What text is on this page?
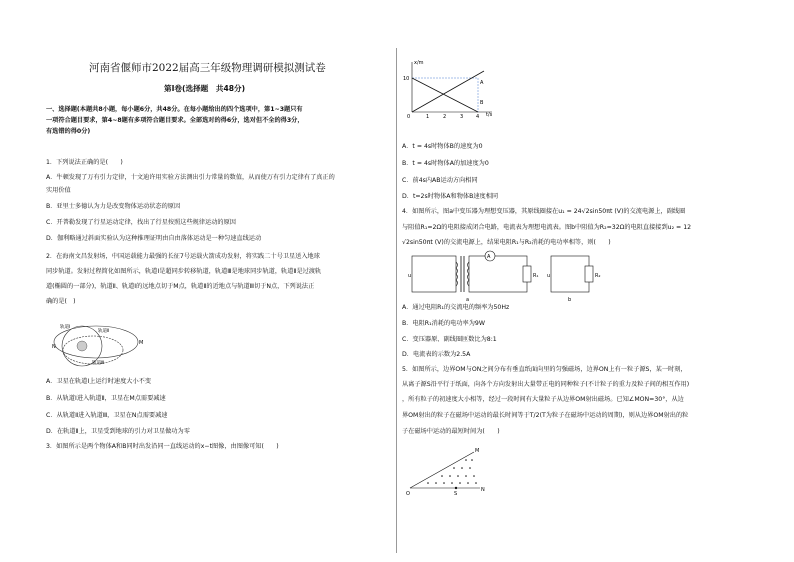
河南省偃师市2022届高三年级物理调研模拟测试卷
第Ⅰ卷(选择题　共48分)
一、选择题(本题共8小题，每小题6分，共48分。在每小题给出的四个选项中，第1~3题只有
一项符合题目要求，第4~8题有多项符合题目要求。全部选对的得6分，选对但不全的得3分，
有选错的得0分)
1．下列说法正确的是(　　)
A．牛顿发现了万有引力定律，十文迪许用实验方法测出引力常量的数值，从而使万有引力定律有了真正的
实用价值
B．亚里士多德认为力是改变物体运动状态的原因
C．开普勒发现了行星运动定律，找出了行星按照这些规律运动的原因
D．伽利略通过斜面实验认为这种推理证明由自由落体运动是一种匀速直线运动
2．在海南文昌发射场，中国运载能力最强的长征7号运载火箭成功发射，将实践二十号卫星送入地球
同步轨道。发射过程简化如图所示，轨道Ⅰ是超同步转移轨道，轨道Ⅲ是地球同步轨道，轨道Ⅱ是过渡轨
道(椭圆的一部分)，轨道Ⅱ、轨道Ⅰ的远地点切于M点，轨道Ⅱ的近地点与轨道Ⅲ切于N点，下列说法正
确的是(　)
轨道Ⅰ
轨道Ⅱ
轨道Ⅲ
M
N
A．卫星在轨道Ⅰ上运行时速度大小不变
B．从轨道Ⅰ进入轨道Ⅱ，卫星在M点需要减速
C．从轨道Ⅱ进入轨道Ⅲ，卫星在N点需要减速
D．在轨道Ⅱ上，卫星受到地球的引力对卫星做功为零
3．如图所示是两个物体A和B同时出发沿同一直线运动的x−t图像，由图像可知(　　)
x/m
10
0	1	2	3	4 t/s
A
B
A．t = 4s时物体B的速度为0
B．t = 4s时物体A的加速度为0
C．前4s内AB运动方向相同
D．t=2s时物体A和物体B速度相同
4．如图所示，图a中变压器为理想变压器，其原线圈接在u₁ = 24√2sin50πt (V)的交流电源上，副线圈
与阻值R₁=2Ω的电阻接成闭合电路，电流表为理想电流表。图b中阻值为R₂=32Ω的电阻直接接到u₂ = 12
√2sin50πt (V)的交流电源上，结果电阻R₁与R₂消耗的电功率相等，则(　　)
u
A
R₁ u	R₂
a	b
A．通过电阻R₁的交流电的频率为50Hz
B．电阻R₁消耗的电功率为9W
C．变压器原、副线圈匝数比为8:1
D．电流表的示数为2.5A
5．如图所示，边界OM与ON之间分布有垂直纸面向里的匀强磁场，边界ON上有一粒子源S，某一时刻，
从离子源S沿平行于纸面，向各个方向发射出大量带正电的同种粒子(不计粒子的重力及粒子间的相互作用)
，所有粒子的初速度大小相等，经过一段时间有大量粒子从边界OM射出磁场。已知∠MON=30°，从边
界OM射出的粒子在磁场中运动的最长时间等于T/2(T为粒子在磁场中运动的周期)，则从边界OM射出的粒
子在磁场中运动的最短时间为(　　)
O
M
S
N
